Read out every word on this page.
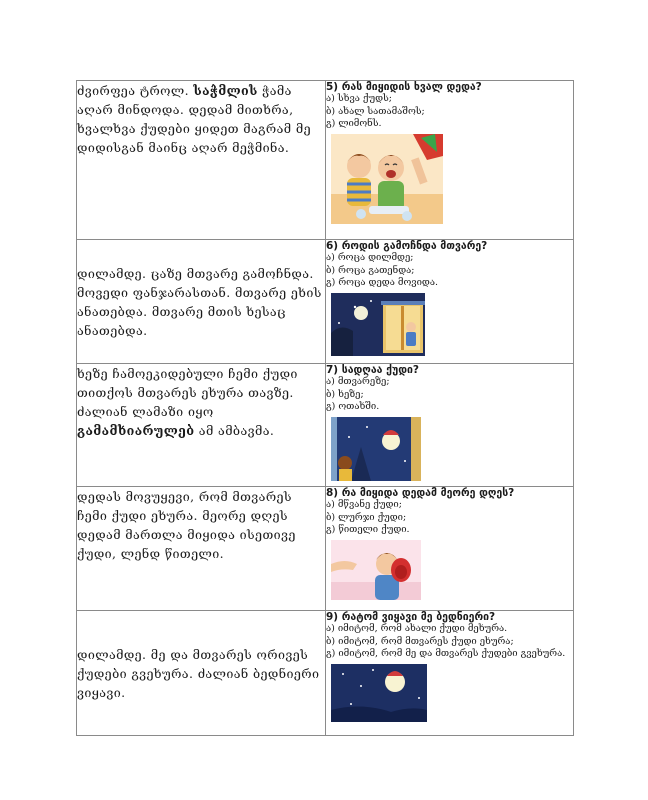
ძვირფეა ტროლ. საჭმლის ჭამა აღარ მინდოდა. დედამ მითხრა, ხვალხვა ქუდები ყიდეთ მაგრამ მე დიდისგან მაინც აღარ მეჭმინა.	5) რას მიყიდის ხვალ დედა?
ა) სხვა ქუდს;
ბ) ახალ სათამაშოს;
გ) ლიმონს.

დილამდე. ცაზე მთვარე გამოჩნდა. მოვედი ფანჯარასთან. მთვარე ეხის ანათებდა. მთვარე მთის ხესაც ანათებდა.	6) როდის გამოჩნდა მთვარე?
ა) როცა დილმდე;
ბ) როცა გათენდა;
გ) როცა დედა მოვიდა.

ხეზე ჩამოეკიდებული ჩემი ქუდი თითქოს მთვარეს ეხურა თავზე. ძალიან ლამაზი იყო გამამხიარულებ ამ ამბავმა.	7) სადღაა ქუდი?
ა) მთვარეზე;
ბ) ხეზე;
გ) ოთახში.

დედას მოვუყევი, რომ მთვარეს ჩემი ქუდი ეხურა. მეორე დღეს დედამ მართლა მიყიდა ისეთივე ქუდი, ლენდ წითელი.	8) რა მიყიდა დედამ მეორე დღეს?
ა) მწვანე ქუდი;
ბ) ლურჯი ქუდი;
გ) წითელი ქუდი.

დილამდე. მე და მთვარეს ორივეს ქუდები გვეხურა. ძალიან ბედნიერი ვიყავი.	9) რატომ ვიყავი მე ბედნიერი?
ა) იმიტომ, რომ ახალი ქუდი მეხურა.
ბ) იმიტომ, რომ მთვარეს ქუდი ეხურა;
გ) იმიტომ, რომ მე და მთვარეს ქუდები გვეხურა.
